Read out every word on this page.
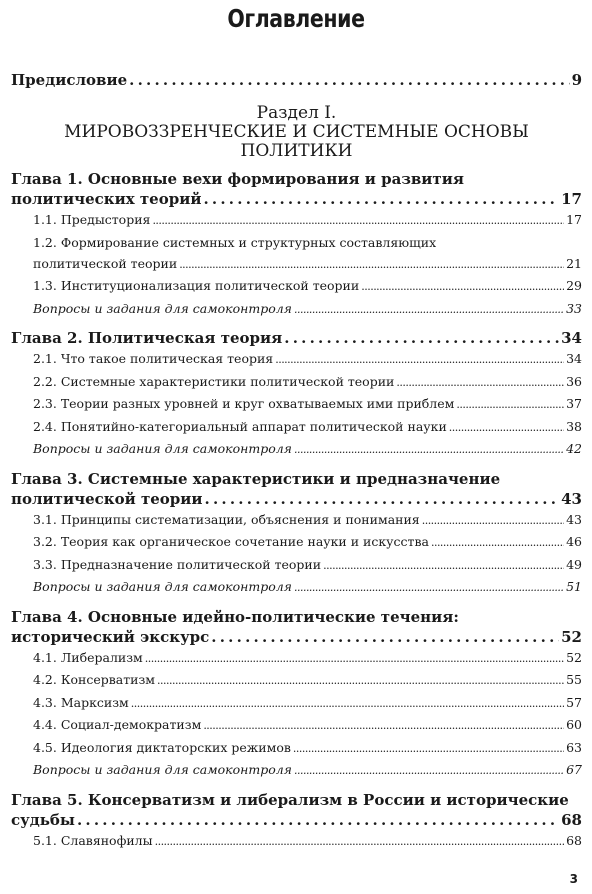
Оглавление
Предисловие . . .	9
Раздел I.
МИРОВОЗЗРЕНЧЕСКИЕ И СИСТЕМНЫЕ ОСНОВЫ
ПОЛИТИКИ
Глава 1. Основные вехи формирования и развития
политических теорий . . .	17
1.1. Предыстория . . .	17
1.2. Формирование системных и структурных составляющих
политической теории . . .	21
1.3. Институционализация политической теории . . .	29
Вопросы и задания для самоконтроля . . .	33
Глава 2. Политическая теория . . .	34
2.1. Что такое политическая теория . . .	34
2.2. Системные характеристики политической теории . . .	36
2.3. Теории разных уровней и круг охватываемых ими приблем . . .	37
2.4. Понятийно-категориальный аппарат политической науки . . .	38
Вопросы и задания для самоконтроля . . .	42
Глава 3. Системные характеристики и предназначение
политической теории . . .	43
3.1. Принципы систематизации, объяснения и понимания . . .	43
3.2. Теория как органическое сочетание науки и искусства . . .	46
3.3. Предназначение политической теории . . .	49
Вопросы и задания для самоконтроля . . .	51
Глава 4. Основные идейно-политические течения:
исторический экскурс . . .	52
4.1. Либерализм . . .	52
4.2. Консерватизм . . .	55
4.3. Марксизм . . .	57
4.4. Социал-демократизм . . .	60
4.5. Идеология диктаторских режимов . . .	63
Вопросы и задания для самоконтроля . . .	67
Глава 5. Консерватизм и либерализм в России и исторические
судьбы . . .	68
5.1. Славянофилы . . .	68
3
